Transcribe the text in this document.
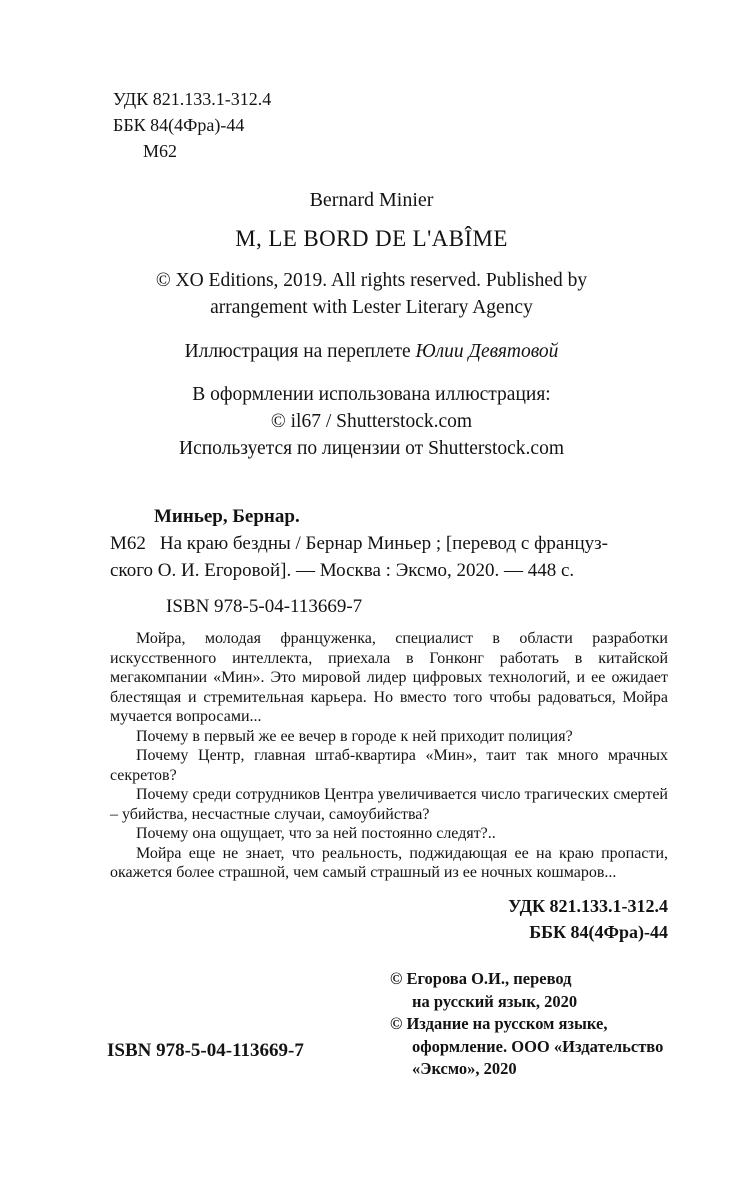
УДК 821.133.1-312.4
ББК 84(4Фра)-44
М62
Bernard Minier
M, LE BORD DE L'ABÎME
© XO Editions, 2019. All rights reserved. Published by
arrangement with Lester Literary Agency
Иллюстрация на переплете Юлии Девятовой
В оформлении использована иллюстрация:
© il67 / Shutterstock.com
Используется по лицензии от Shutterstock.com
Миньер, Бернар.
М62 На краю бездны / Бернар Миньер ; [перевод с француз-
ского О. И. Егоровой]. — Москва : Эксмо, 2020. — 448 с.
ISBN 978-5-04-113669-7

Мойра, молодая француженка, специалист в области разработки искусственного интеллекта, приехала в Гонконг работать в китайской мегакомпании «Мин». Это мировой лидер цифровых технологий, и ее ожидает блестящая и стремительная карьера. Но вместо того чтобы радоваться, Мойра мучается вопросами...

Почему в первый же ее вечер в городе к ней приходит полиция?

Почему Центр, главная штаб-квартира «Мин», таит так много мрачных секретов?

Почему среди сотрудников Центра увеличивается число трагических смертей – убийства, несчастные случаи, самоубийства?

Почему она ощущает, что за ней постоянно следят?..

Мойра еще не знает, что реальность, поджидающая ее на краю пропасти, окажется более страшной, чем самый страшный из ее ночных кошмаров...

УДК 821.133.1-312.4
ББК 84(4Фра)-44
© Егорова О.И., перевод
на русский язык, 2020
© Издание на русском языке,
оформление. ООО «Издательство
«Эксмо», 2020
ISBN 978-5-04-113669-7
